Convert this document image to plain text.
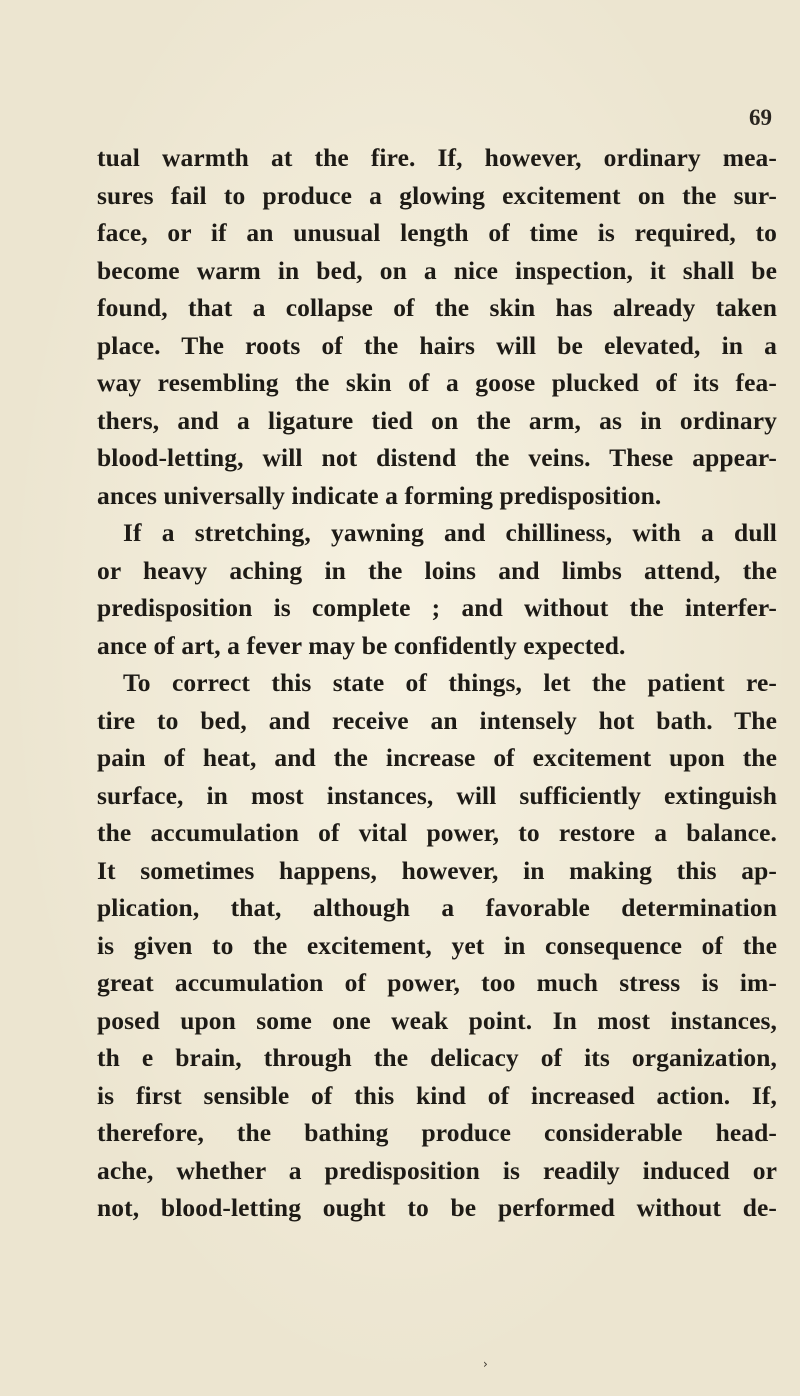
69
tual warmth at the fire. If, however, ordinary mea-
sures fail to produce a glowing excitement on the sur-
face, or if an unusual length of time is required, to
become warm in bed, on a nice inspection, it shall be
found, that a collapse of the skin has already taken
place. The roots of the hairs will be elevated, in a
way resembling the skin of a goose plucked of its fea-
thers, and a ligature tied on the arm, as in ordinary
blood-letting, will not distend the veins. These appear-
ances universally indicate a forming predisposition.
If a stretching, yawning and chilliness, with a dull
or heavy aching in the loins and limbs attend, the
predisposition is complete ; and without the interfer-
ance of art, a fever may be confidently expected.
To correct this state of things, let the patient re-
tire to bed, and receive an intensely hot bath. The
pain of heat, and the increase of excitement upon the
surface, in most instances, will sufficiently extinguish
the accumulation of vital power, to restore a balance.
It sometimes happens, however, in making this ap-
plication, that, although a favorable determination
is given to the excitement, yet in consequence of the
great accumulation of power, too much stress is im-
posed upon some one weak point. In most instances,
th e brain, through the delicacy of its organization,
is first sensible of this kind of increased action. If,
therefore, the bathing produce considerable head-
ache, whether a predisposition is readily induced or
not, blood-letting ought to be performed without de-
›
